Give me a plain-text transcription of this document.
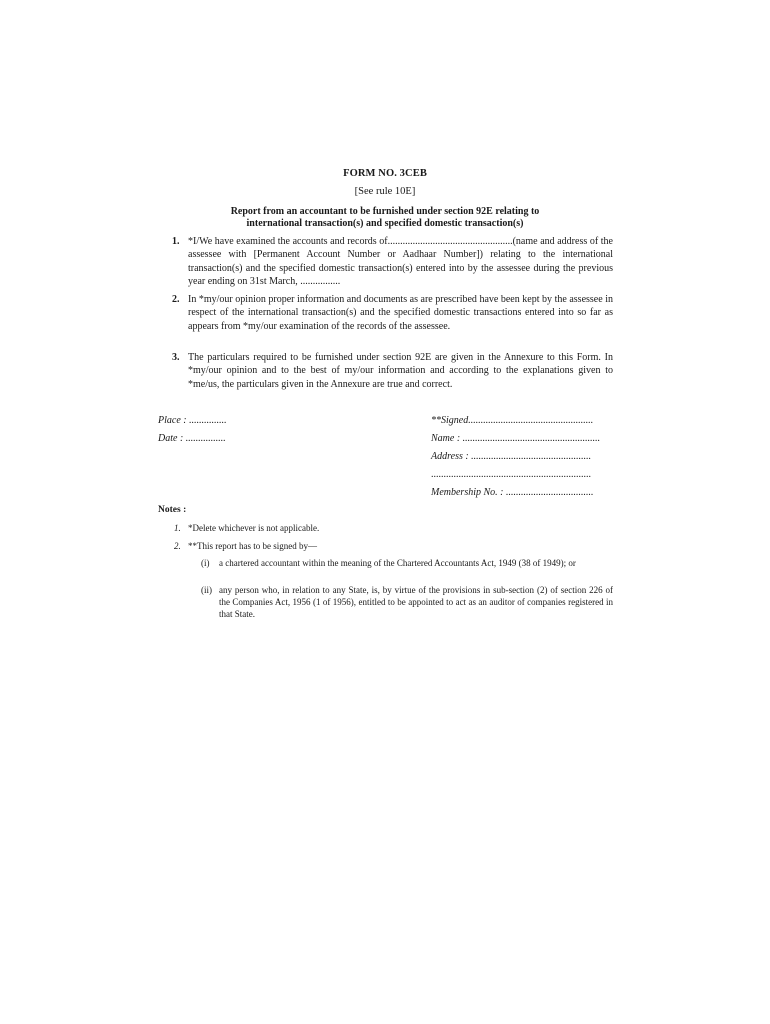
FORM NO. 3CEB
[See rule 10E]
Report from an accountant to be furnished under section 92E relating to
international transaction(s) and specified domestic transaction(s)
1. *I/We have examined the accounts and records of..................................................(name and address of the assessee with [Permanent Account Number or Aadhaar Number]) relating to the international transaction(s) and the specified domestic transaction(s) entered into by the assessee during the previous year ending on 31st March, ................
2. In *my/our opinion proper information and documents as are prescribed have been kept by the assessee in respect of the international transaction(s) and the specified domestic transactions entered into so far as appears from *my/our examination of the records of the assessee.
3. The particulars required to be furnished under section 92E are given in the Annexure to this Form. In *my/our opinion and to the best of my/our information and according to the explanations given to *me/us, the particulars given in the Annexure are true and correct.
Place : ...............
Date : ................
**Signed..................................................
Name : .......................................................
Address : ................................................
................................................................
Membership No. : ...................................
Notes :
1. *Delete whichever is not applicable.
2. **This report has to be signed by—
(i) a chartered accountant within the meaning of the Chartered Accountants Act, 1949 (38 of 1949); or
(ii) any person who, in relation to any State, is, by virtue of the provisions in sub-section (2) of section 226 of the Companies Act, 1956 (1 of 1956), entitled to be appointed to act as an auditor of companies registered in that State.
